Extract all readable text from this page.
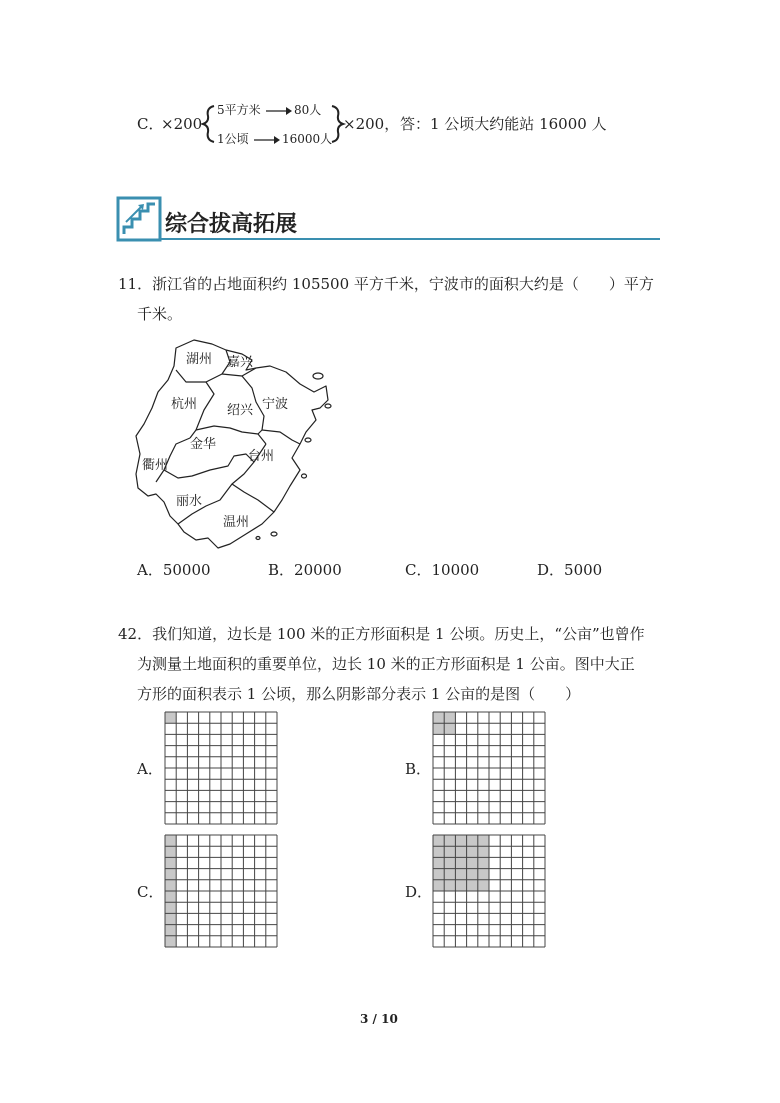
C．
×200
5平方米	80人
1公顷	16000人
×200， 答：1 公顷大约能站 16000 人
综合拔高拓展
11．浙江省的占地面积约 105500 平方千米，宁波市的面积大约是（　　）平方
千米。
湖州 嘉兴
杭州 绍兴 宁波
金华
衢州
台州
丽水
温州
A．50000	B．20000	C．10000	D．5000
42．我们知道，边长是 100 米的正方形面积是 1 公顷。历史上，“公亩”也曾作
为测量土地面积的重要单位，边长 10 米的正方形面积是 1 公亩。图中大正
方形的面积表示 1 公顷，那么阴影部分表示 1 公亩的是图（　　）
A．	B．
C．	D．
3 / 10
